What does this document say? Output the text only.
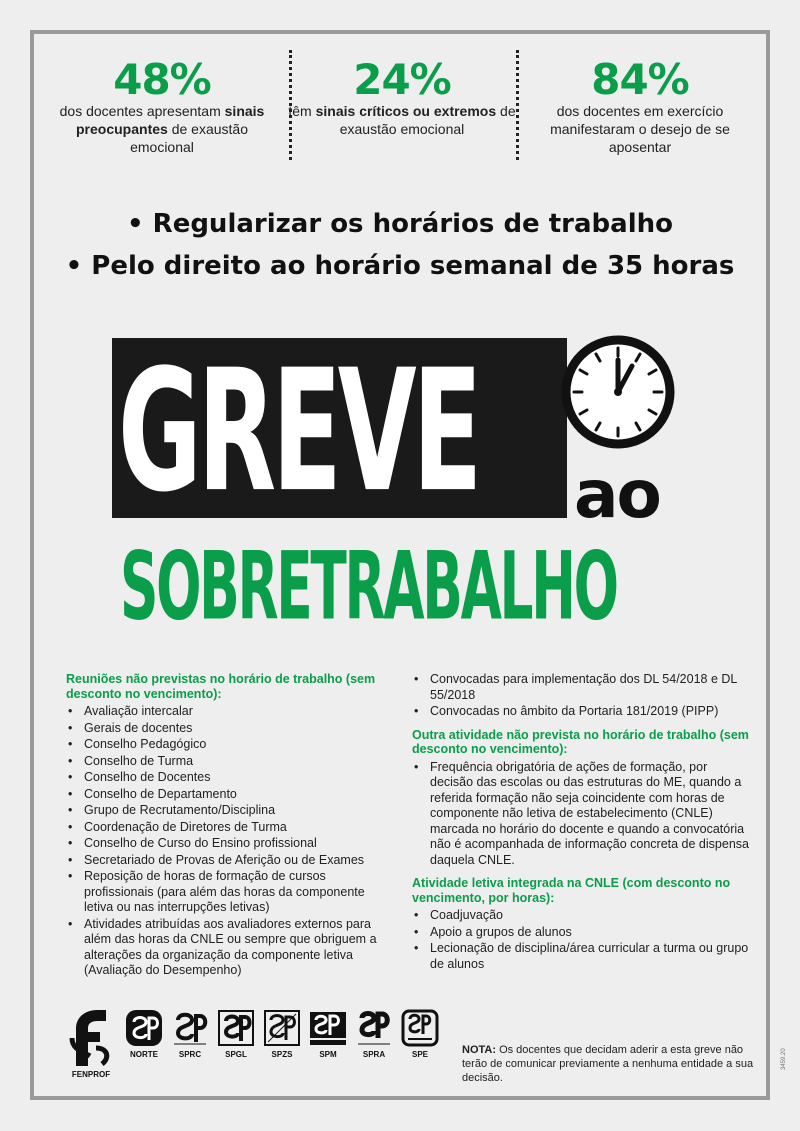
48%
dos docentes apresentam sinais preocupantes de exaustão emocional
24%
têm sinais críticos ou extremos de exaustão emocional
84%
dos docentes em exercício manifestaram o desejo de se aposentar
• Regularizar os horários de trabalho
• Pelo direito ao horário semanal de 35 horas
GREVE ao
SOBRETRABALHO
Reuniões não previstas no horário de trabalho (sem desconto no vencimento):
• Avaliação intercalar
• Gerais de docentes
• Conselho Pedagógico
• Conselho de Turma
• Conselho de Docentes
• Conselho de Departamento
• Grupo de Recrutamento/Disciplina
• Coordenação de Diretores de Turma
• Conselho de Curso do Ensino profissional
• Secretariado de Provas de Aferição ou de Exames
• Reposição de horas de formação de cursos profissionais (para além das horas da componente letiva ou nas interrupções letivas)
• Atividades atribuídas aos avaliadores externos para além das horas da CNLE ou sempre que obriguem a alterações da organização da componente letiva (Avaliação do Desempenho)
• Convocadas para implementação dos DL 54/2018 e DL 55/2018
• Convocadas no âmbito da Portaria 181/2019 (PIPP)
Outra atividade não prevista no horário de trabalho (sem desconto no vencimento):
• Frequência obrigatória de ações de formação, por decisão das escolas ou das estruturas do ME, quando a referida formação não seja coincidente com horas de componente não letiva de estabelecimento (CNLE) marcada no horário do docente e quando a convocatória não é acompanhada de informação concreta de dispensa daquela CNLE.
Atividade letiva integrada na CNLE (com desconto no vencimento, por horas):
• Coadjuvação
• Apoio a grupos de alunos
• Lecionação de disciplina/área curricular a turma ou grupo de alunos
FENPROF
NORTE	SPRC	SPGL	SPZS	SPM	SPRA	SPE	NOTA: Os docentes que decidam aderir a esta greve não terão de comunicar previamente a nenhuma entidade a sua decisão.
3459.20
